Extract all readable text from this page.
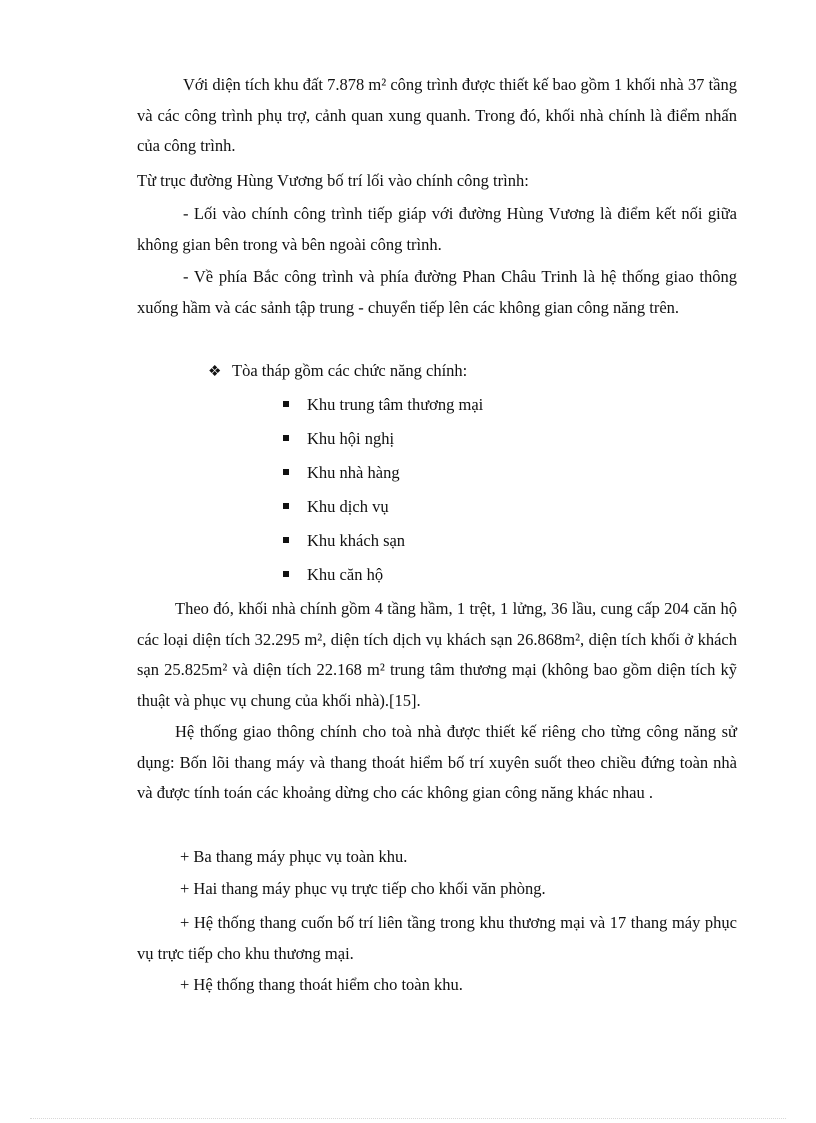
Với diện tích khu đất 7.878 m² công trình được thiết kế bao gồm 1 khối nhà 37 tầng và các công trình phụ trợ, cảnh quan xung quanh. Trong đó, khối nhà chính là điểm nhấn của công trình.

Từ trục đường Hùng Vương bố trí lối vào chính công trình:

- Lối vào chính công trình tiếp giáp với đường Hùng Vương là điểm kết nối giữa không gian bên trong và bên ngoài công trình.

- Về phía Bắc công trình và phía đường Phan Châu Trinh là hệ thống giao thông xuống hầm và các sảnh tập trung - chuyển tiếp lên các không gian công năng trên.

❖ Tòa tháp gồm các chức năng chính:
Khu trung tâm thương mại
Khu hội nghị
Khu nhà hàng
Khu dịch vụ
Khu khách sạn
Khu căn hộ

Theo đó, khối nhà chính gồm 4 tầng hầm, 1 trệt, 1 lửng, 36 lầu, cung cấp 204 căn hộ các loại diện tích 32.295 m², diện tích dịch vụ khách sạn 26.868m², diện tích khối ở khách sạn 25.825m² và diện tích 22.168 m² trung tâm thương mại (không bao gồm diện tích kỹ thuật và phục vụ chung của khối nhà).[15].

Hệ thống giao thông chính cho toà nhà được thiết kế riêng cho từng công năng sử dụng: Bốn lõi thang máy và thang thoát hiểm bố trí xuyên suốt theo chiều đứng toàn nhà và được tính toán các khoảng dừng cho các không gian công năng khác nhau .

+ Ba thang máy phục vụ toàn khu.

+ Hai thang máy phục vụ trực tiếp cho khối văn phòng.

+ Hệ thống thang cuốn bố trí liên tầng trong khu thương mại và 17 thang máy phục vụ trực tiếp cho khu thương mại.

+ Hệ thống thang thoát hiểm cho toàn khu.
